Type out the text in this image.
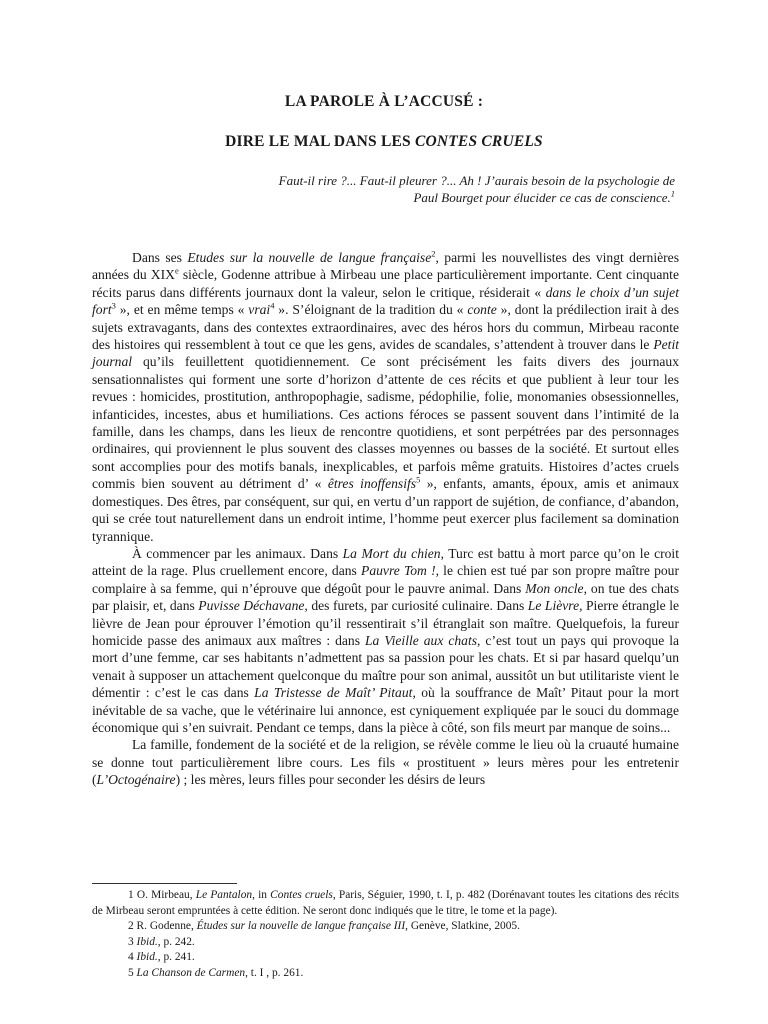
LA PAROLE À L’ACCUSÉ :
DIRE LE MAL DANS LES CONTES CRUELS
Faut-il rire ?... Faut-il pleurer ?... Ah ! J’aurais besoin de la psychologie de Paul Bourget pour élucider ce cas de conscience.$^1$

Dans ses Etudes sur la nouvelle de langue française$^2$, parmi les nouvellistes des vingt dernières années du XIXe siècle, Godenne attribue à Mirbeau une place particulièrement importante. Cent cinquante récits parus dans différents journaux dont la valeur, selon le critique, résiderait « dans le choix d’un sujet fort$^3$ », et en même temps « vrai$^4$ ». S’éloignant de la tradition du « conte », dont la prédilection irait à des sujets extravagants, dans des contextes extraordinaires, avec des héros hors du commun, Mirbeau raconte des histoires qui ressemblent à tout ce que les gens, avides de scandales, s’attendent à trouver dans le Petit journal qu’ils feuillettent quotidiennement. Ce sont précisément les faits divers des journaux sensationnalistes qui forment une sorte d’horizon d’attente de ces récits et que publient à leur tour les revues : homicides, prostitution, anthropophagie, sadisme, pédophilie, folie, monomanies obsessionnelles, infanticides, incestes, abus et humiliations. Ces actions féroces se passent souvent dans l’intimité de la famille, dans les champs, dans les lieux de rencontre quotidiens, et sont perpétrées par des personnages ordinaires, qui proviennent le plus souvent des classes moyennes ou basses de la société. Et surtout elles sont accomplies pour des motifs banals, inexplicables, et parfois même gratuits. Histoires d’actes cruels commis bien souvent au détriment d’ « êtres inoffensifs$^5$ », enfants, amants, époux, amis et animaux domestiques. Des êtres, par conséquent, sur qui, en vertu d’un rapport de sujétion, de confiance, d’abandon, qui se crée tout naturellement dans un endroit intime, l’homme peut exercer plus facilement sa domination tyrannique.

À commencer par les animaux. Dans La Mort du chien, Turc est battu à mort parce qu’on le croit atteint de la rage. Plus cruellement encore, dans Pauvre Tom !, le chien est tué par son propre maître pour complaire à sa femme, qui n’éprouve que dégoût pour le pauvre animal. Dans Mon oncle, on tue des chats par plaisir, et, dans Puvisse Déchavane, des furets, par curiosité culinaire. Dans Le Lièvre, Pierre étrangle le lièvre de Jean pour éprouver l’émotion qu’il ressentirait s’il étranglait son maître. Quelquefois, la fureur homicide passe des animaux aux maîtres : dans La Vieille aux chats, c’est tout un pays qui provoque la mort d’une femme, car ses habitants n’admettent pas sa passion pour les chats. Et si par hasard quelqu’un venait à supposer un attachement quelconque du maître pour son animal, aussitôt un but utilitariste vient le démentir : c’est le cas dans La Tristesse de Maît’ Pitaut, où la souffrance de Maît’ Pitaut pour la mort inévitable de sa vache, que le vétérinaire lui annonce, est cyniquement expliquée par le souci du dommage économique qui s’en suivrait. Pendant ce temps, dans la pièce à côté, son fils meurt par manque de soins...

La famille, fondement de la société et de la religion, se révèle comme le lieu où la cruauté humaine se donne tout particulièrement libre cours. Les fils « prostituent » leurs mères pour les entretenir (L’Octogénaire) ; les mères, leurs filles pour seconder les désirs de leurs

1 O. Mirbeau, Le Pantalon, in Contes cruels, Paris, Séguier, 1990, t. I, p. 482 (Dorénavant toutes les citations des récits de Mirbeau seront empruntées à cette édition. Ne seront donc indiqués que le titre, le tome et la page).

2 R. Godenne, Études sur la nouvelle de langue française III, Genève, Slatkine, 2005.

3 Ibid., p. 242.

4 Ibid., p. 241.

5 La Chanson de Carmen, t. I , p. 261.
